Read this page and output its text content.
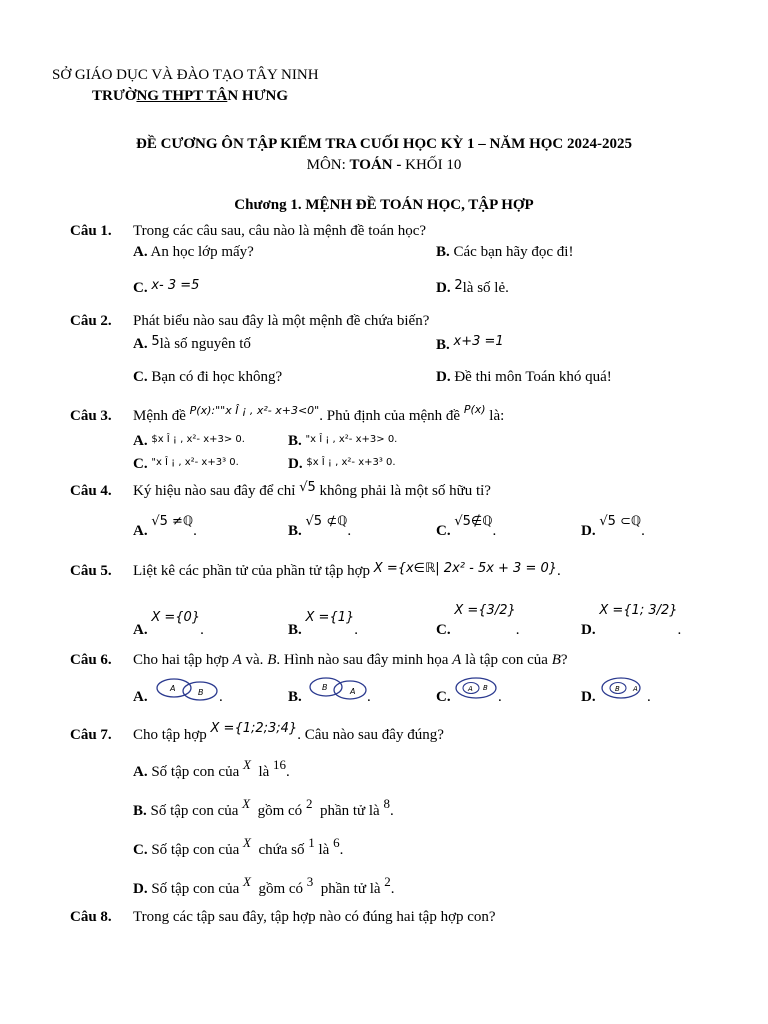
SỞ GIÁO DỤC VÀ ĐÀO TẠO TÂY NINH
TRƯỜNG THPT TÂN HƯNG
ĐỀ CƯƠNG ÔN TẬP KIỂM TRA CUỐI HỌC KỲ 1 – NĂM HỌC 2024-2025
MÔN: TOÁN - KHỐI 10
Chương 1. MỆNH ĐỀ TOÁN HỌC, TẬP HỢP
Câu 1. Trong các câu sau, câu nào là mệnh đề toán học?
A. An học lớp mấy?	B. Các bạn hãy đọc đi!
C. x- 3 =5	D. 2là số lẻ.
Câu 2. Phát biểu nào sau đây là một mệnh đề chứa biến?
A. 5là số nguyên tố	B. x+3 =1
C. Bạn có đi học không?	D. Đề thi môn Toán khó quá!
Câu 3. Mệnh đề $^{P(x):""x Î ¡ , x^2- x+3<0"}$. Phủ định của mệnh đề $^{P(x)}$ là:
A. $^{\$x Î ¡ , x^2- x+3> 0.}$	B. $^{"x Î ¡ , x^2- x+3> 0.}$
C. $^{"x Î ¡ , x^2- x+3^3 0.}$	D. $^{\$x Î ¡ , x^2- x+3^3 0.}$
Câu 4. Ký hiệu nào sau đây để chỉ √5 không phải là một số hữu tỉ?
A. √5 ≠ℚ.	B. √5 ⊄ℚ.	C. √5∉ℚ.	D. √5 ⊂ℚ.
Câu 5. Liệt kê các phần tử của phần tử tập hợp X ={x∈ℝ| 2x² - 5x + 3 = 0}.
A. X ={0}.	B. X ={1}.	C. X ={3/2}.	D. X ={1; 3/2}.
Câu 6. Cho hai tập hợp A và. B. Hình nào sau đây minh họa A là tập con của B?
A.
A	B .	B.
B	A .	C. A B
.	D.	B A .
Câu 7. Cho tập hợp X ={1;2;3;4}. Câu nào sau đây đúng?
A. Số tập con của X là 16.
B. Số tập con của X gồm có 2 phần tử là 8.
C. Số tập con của X chứa số 1 là 6.
D. Số tập con của X gồm có 3 phần tử là 2.
Câu 8. Trong các tập sau đây, tập hợp nào có đúng hai tập hợp con?
